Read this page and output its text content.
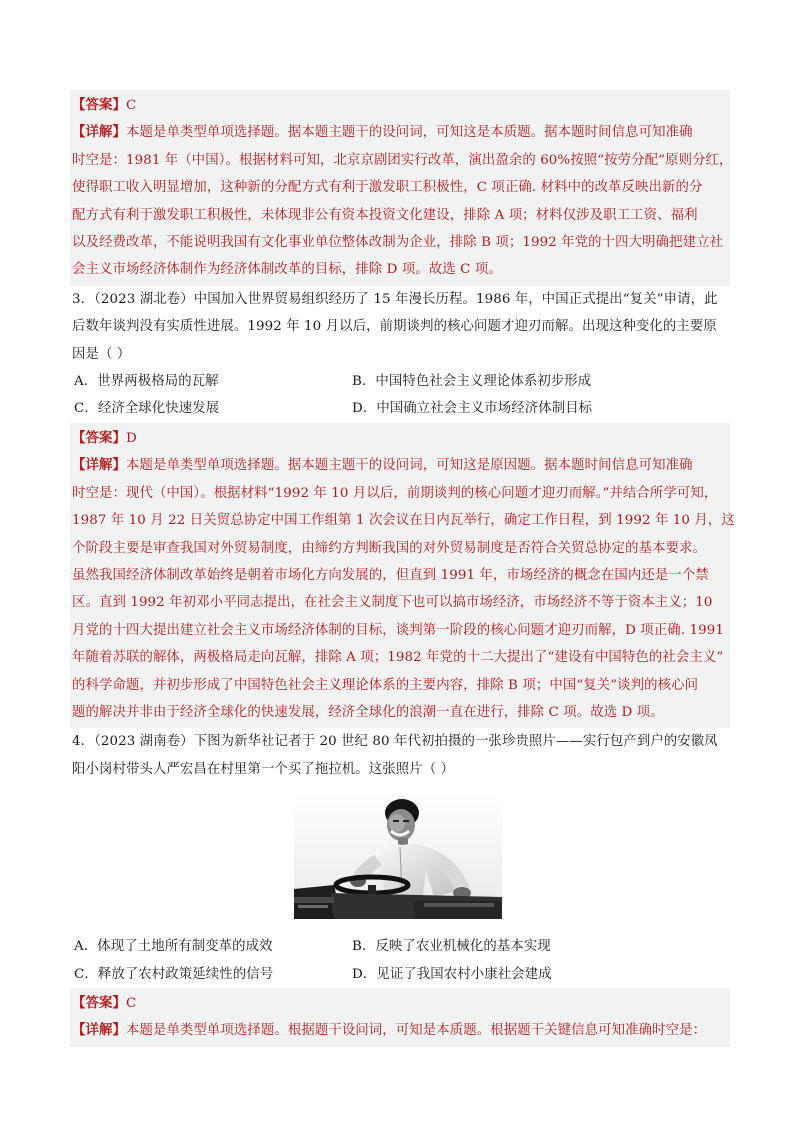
【答案】C
【详解】本题是单类型单项选择题。据本题主题干的设问词，可知这是本质题。据本题时间信息可知准确
时空是：1981 年（中国）。根据材料可知，北京京剧团实行改革，演出盈余的 60%按照“按劳分配”原则分红，
使得职工收入明显增加，这种新的分配方式有利于激发职工积极性，C 项正确. 材料中的改革反映出新的分
配方式有利于激发职工积极性，未体现非公有资本投资文化建设，排除 A 项；材料仅涉及职工工资、福利
以及经费改革，不能说明我国有文化事业单位整体改制为企业，排除 B 项；1992 年党的十四大明确把建立社
会主义市场经济体制作为经济体制改革的目标，排除 D 项。故选 C 项。
3．（2023 湖北卷）中国加入世界贸易组织经历了 15 年漫长历程。1986 年，中国正式提出“复关”申请，此
后数年谈判没有实质性进展。1992 年 10 月以后，前期谈判的核心问题才迎刃而解。出现这种变化的主要原
因是（ ）
A．世界两极格局的瓦解	B．中国特色社会主义理论体系初步形成
C．经济全球化快速发展	D．中国确立社会主义市场经济体制目标
【答案】D
【详解】本题是单类型单项选择题。据本题主题干的设问词，可知这是原因题。据本题时间信息可知准确
时空是：现代（中国）。根据材料“1992 年 10 月以后，前期谈判的核心问题才迎刃而解。”并结合所学可知，
1987 年 10 月 22 日关贸总协定中国工作组第 1 次会议在日内瓦举行，确定工作日程，到 1992 年 10 月，这
个阶段主要是审查我国对外贸易制度，由缔约方判断我国的对外贸易制度是否符合关贸总协定的基本要求。
虽然我国经济体制改革始终是朝着市场化方向发展的，但直到 1991 年，市场经济的概念在国内还是一个禁
区。直到 1992 年初邓小平同志提出，在社会主义制度下也可以搞市场经济，市场经济不等于资本主义；10
月党的十四大提出建立社会主义市场经济体制的目标，谈判第一阶段的核心问题才迎刃而解，D 项正确. 1991
年随着苏联的解体，两极格局走向瓦解，排除 A 项；1982 年党的十二大提出了“建设有中国特色的社会主义”
的科学命题，并初步形成了中国特色社会主义理论体系的主要内容，排除 B 项；中国“复关”谈判的核心问
题的解决并非由于经济全球化的快速发展，经济全球化的浪潮一直在进行，排除 C 项。故选 D 项。
4．（2023 湖南卷）下图为新华社记者于 20 世纪 80 年代初拍摄的一张珍贵照片——实行包产到户的安徽凤
阳小岗村带头人严宏昌在村里第一个买了拖拉机。这张照片（ ）
A．体现了土地所有制变革的成效	B．反映了农业机械化的基本实现
C．释放了农村政策延续性的信号	D．见证了我国农村小康社会建成
【答案】C
【详解】本题是单类型单项选择题。根据题干设问词，可知是本质题。根据题干关键信息可知准确时空是：
